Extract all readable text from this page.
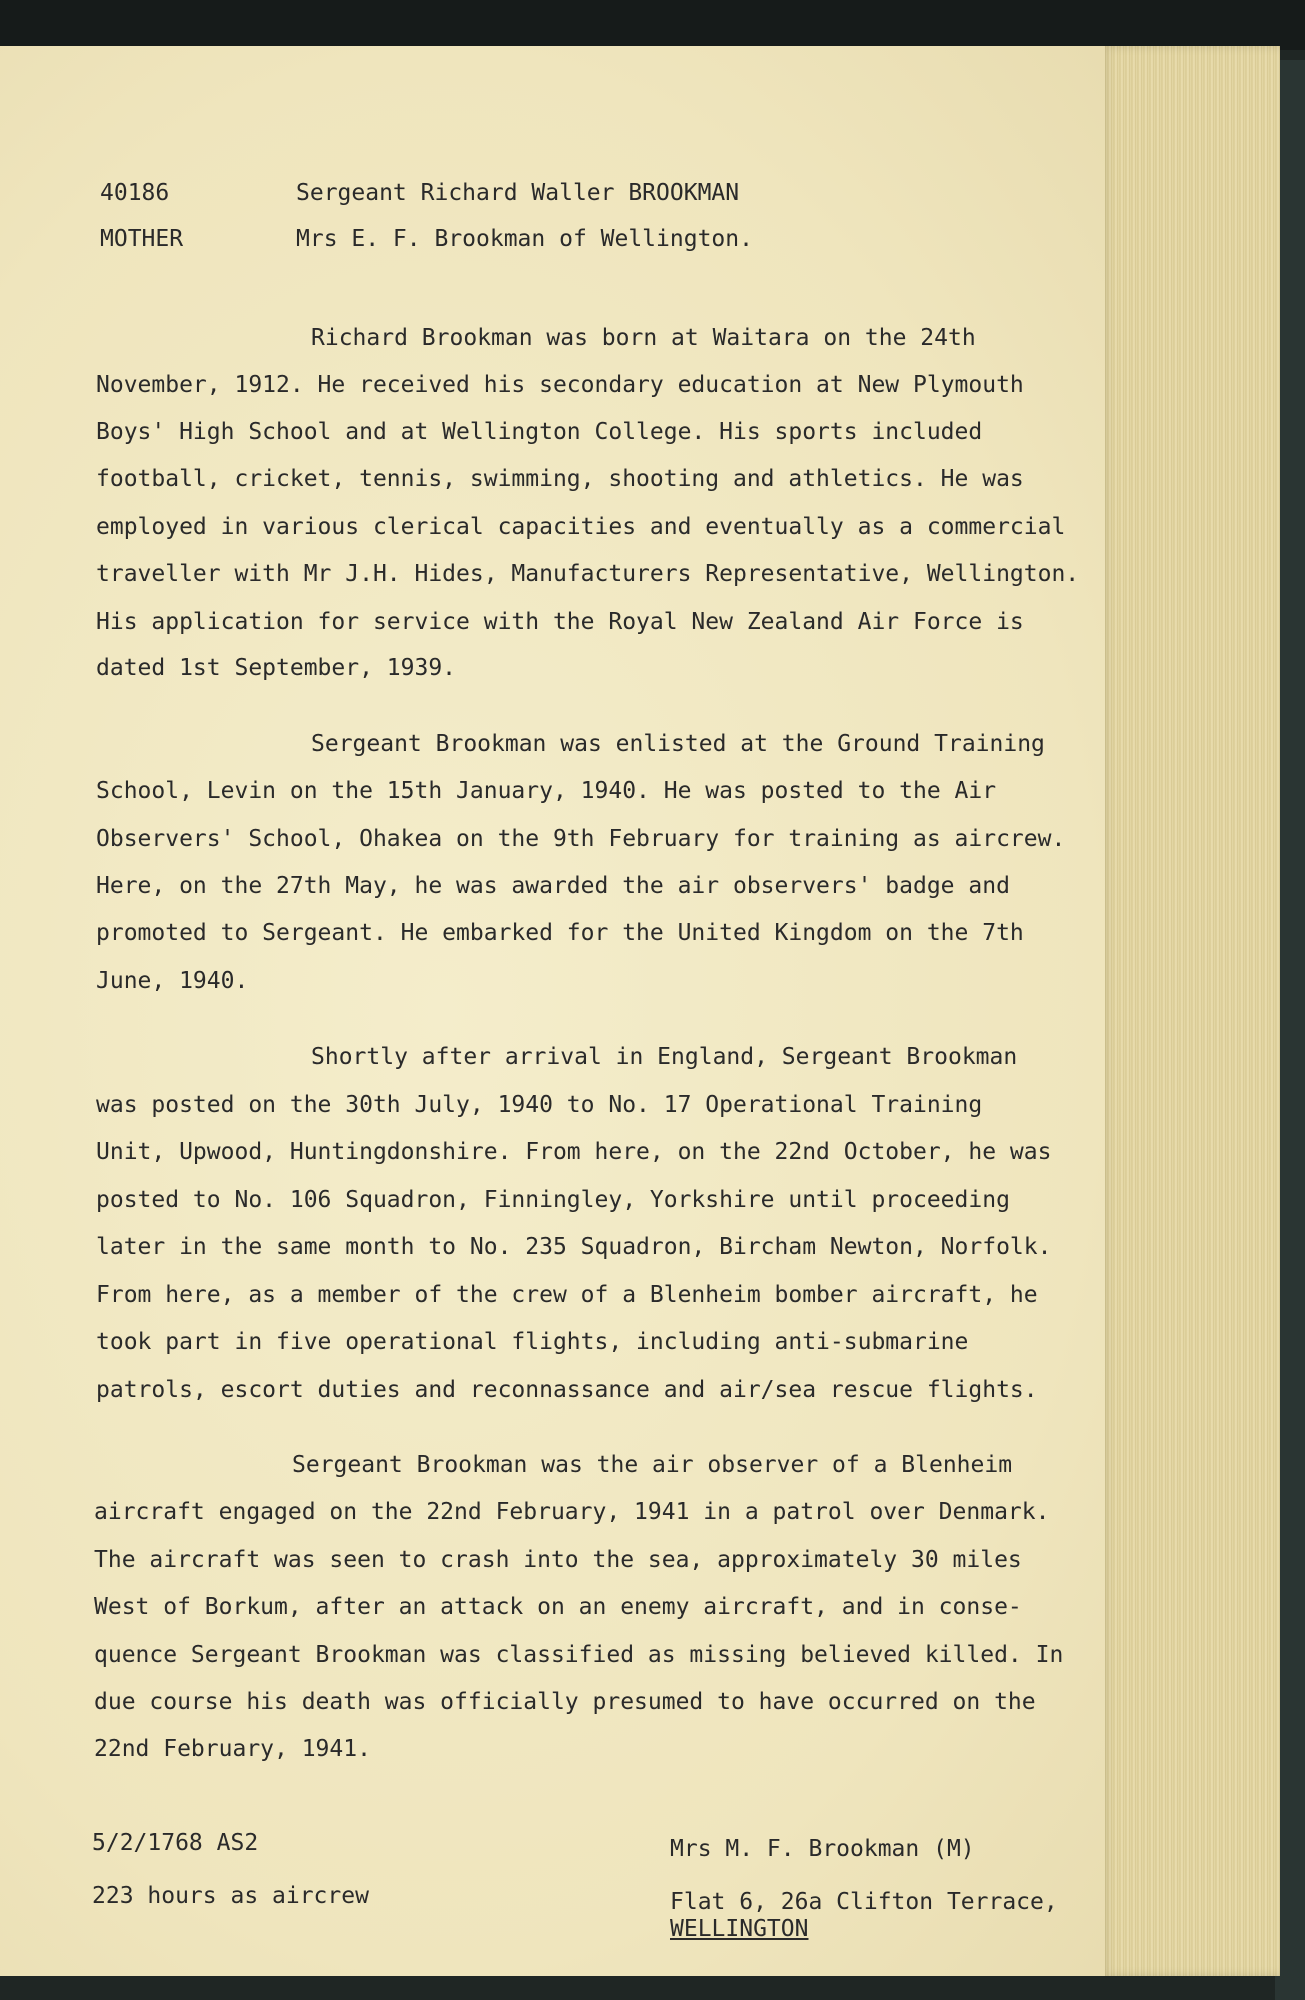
40186	Sergeant Richard Waller BROOKMAN
MOTHER	Mrs E. F. Brookman of Wellington.
Richard Brookman was born at Waitara on the 24th
November, 1912. He received his secondary education at New Plymouth
Boys' High School and at Wellington College. His sports included
football, cricket, tennis, swimming, shooting and athletics. He was
employed in various clerical capacities and eventually as a commercial
traveller with Mr J.H. Hides, Manufacturers Representative, Wellington.
His application for service with the Royal New Zealand Air Force is
dated 1st September, 1939.
Sergeant Brookman was enlisted at the Ground Training
School, Levin on the 15th January, 1940. He was posted to the Air
Observers' School, Ohakea on the 9th February for training as aircrew.
Here, on the 27th May, he was awarded the air observers' badge and
promoted to Sergeant. He embarked for the United Kingdom on the 7th
June, 1940.
Shortly after arrival in England, Sergeant Brookman
was posted on the 30th July, 1940 to No. 17 Operational Training
Unit, Upwood, Huntingdonshire. From here, on the 22nd October, he was
posted to No. 106 Squadron, Finningley, Yorkshire until proceeding
later in the same month to No. 235 Squadron, Bircham Newton, Norfolk.
From here, as a member of the crew of a Blenheim bomber aircraft, he
took part in five operational flights, including anti-submarine
patrols, escort duties and reconnassance and air/sea rescue flights.
Sergeant Brookman was the air observer of a Blenheim
aircraft engaged on the 22nd February, 1941 in a patrol over Denmark.
The aircraft was seen to crash into the sea, approximately 30 miles
West of Borkum, after an attack on an enemy aircraft, and in conse-
quence Sergeant Brookman was classified as missing believed killed. In
due course his death was officially presumed to have occurred on the
22nd February, 1941.
5/2/1768 AS2
223 hours as aircrew
Mrs M. F. Brookman (M)
Flat 6, 26a Clifton Terrace,
WELLINGTON
